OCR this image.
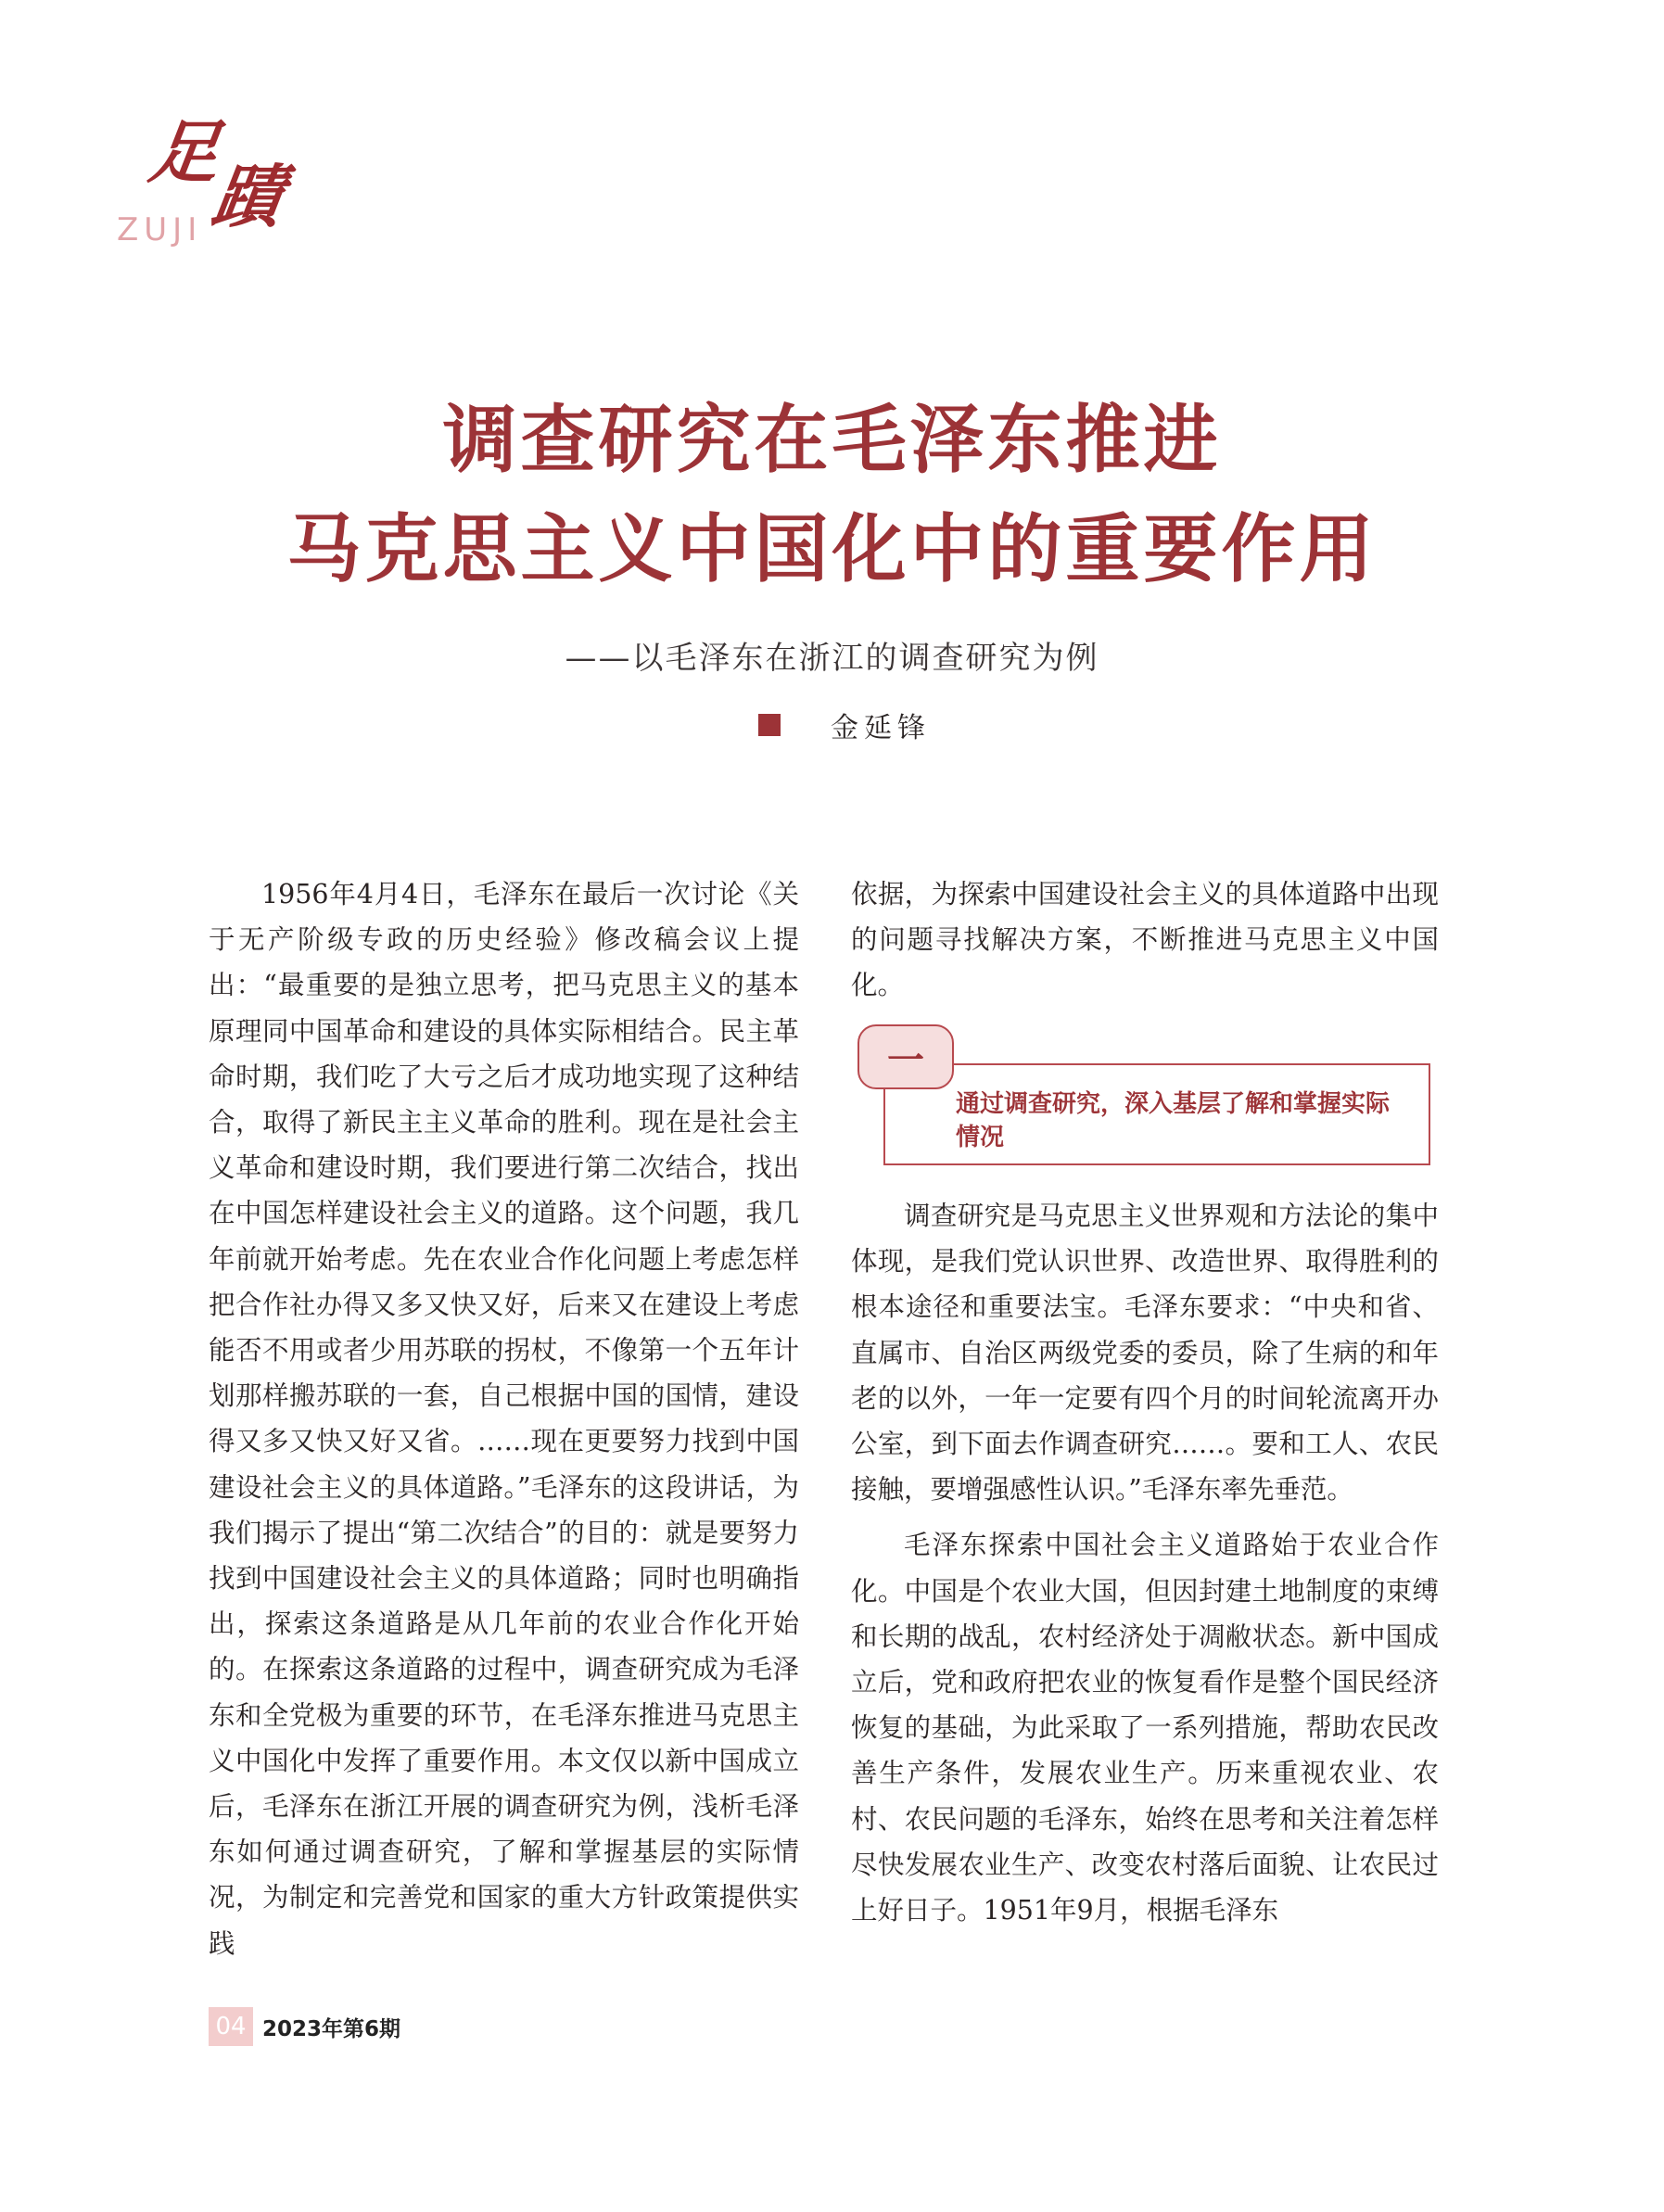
足
蹟
ZUJI
调查研究在毛泽东推进
马克思主义中国化中的重要作用
——以毛泽东在浙江的调查研究为例
金延锋

1956年4月4日，毛泽东在最后一次讨论《关于无产阶级专政的历史经验》修改稿会议上提出：“最重要的是独立思考，把马克思主义的基本原理同中国革命和建设的具体实际相结合。民主革命时期，我们吃了大亏之后才成功地实现了这种结合，取得了新民主主义革命的胜利。现在是社会主义革命和建设时期，我们要进行第二次结合，找出在中国怎样建设社会主义的道路。这个问题，我几年前就开始考虑。先在农业合作化问题上考虑怎样把合作社办得又多又快又好，后来又在建设上考虑能否不用或者少用苏联的拐杖，不像第一个五年计划那样搬苏联的一套，自己根据中国的国情，建设得又多又快又好又省。……现在更要努力找到中国建设社会主义的具体道路。”毛泽东的这段讲话，为我们揭示了提出“第二次结合”的目的：就是要努力找到中国建设社会主义的具体道路；同时也明确指出，探索这条道路是从几年前的农业合作化开始的。在探索这条道路的过程中，调查研究成为毛泽东和全党极为重要的环节，在毛泽东推进马克思主义中国化中发挥了重要作用。本文仅以新中国成立后，毛泽东在浙江开展的调查研究为例，浅析毛泽东如何通过调查研究，了解和掌握基层的实际情况，为制定和完善党和国家的重大方针政策提供实践

依据，为探索中国建设社会主义的具体道路中出现的问题寻找解决方案，不断推进马克思主义中国化。

一
通过调查研究，深入基层了解和掌握实际情况

调查研究是马克思主义世界观和方法论的集中体现，是我们党认识世界、改造世界、取得胜利的根本途径和重要法宝。毛泽东要求：“中央和省、直属市、自治区两级党委的委员，除了生病的和年老的以外，一年一定要有四个月的时间轮流离开办公室，到下面去作调查研究……。要和工人、农民接触，要增强感性认识。”毛泽东率先垂范。

毛泽东探索中国社会主义道路始于农业合作化。中国是个农业大国，但因封建土地制度的束缚和长期的战乱，农村经济处于凋敝状态。新中国成立后，党和政府把农业的恢复看作是整个国民经济恢复的基础，为此采取了一系列措施，帮助农民改善生产条件，发展农业生产。历来重视农业、农村、农民问题的毛泽东，始终在思考和关注着怎样尽快发展农业生产、改变农村落后面貌、让农民过上好日子。1951年9月，根据毛泽东

04 2023年第6期
